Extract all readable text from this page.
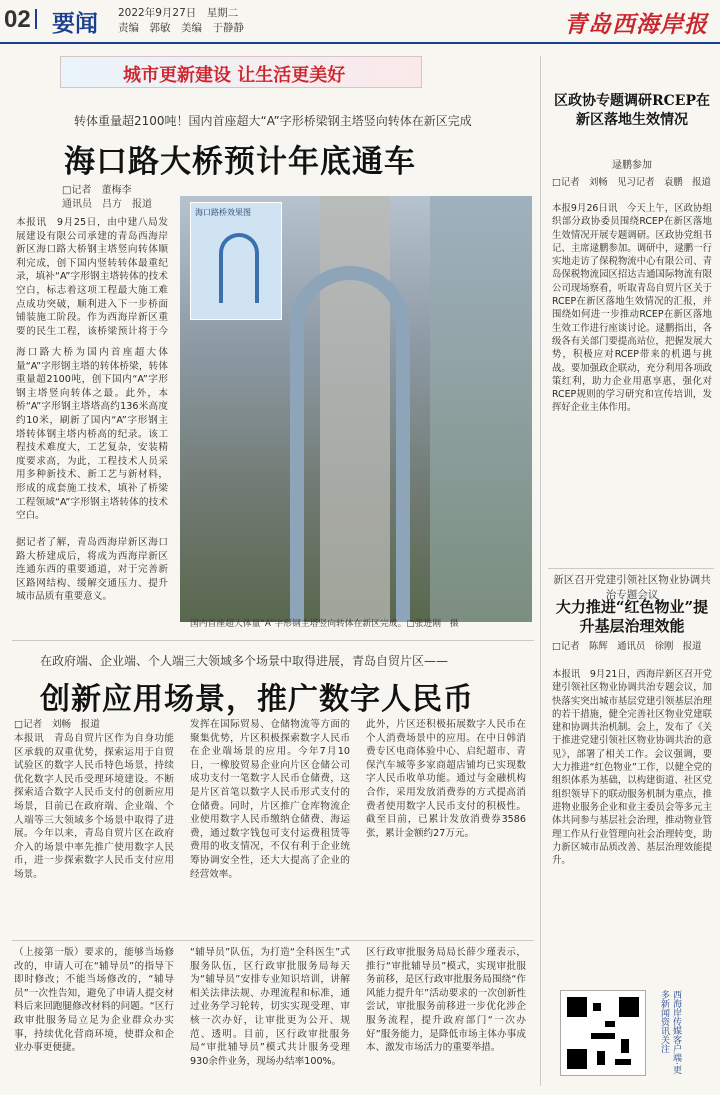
02 要闻 2022年9月27日　星期二
责编　郭敏　美编　于静静	青岛西海岸报
城市更新建设 让生活更美好
转体重量超2100吨！国内首座超大“A”字形桥梁钢主塔竖向转体在新区完成
海口路大桥预计年底通车
□记者　董梅李
通讯员　吕方　报道
本报讯　9月25日，由中建八局发展建设有限公司承建的青岛西海岸新区海口路大桥钢主塔竖向转体顺利完成，创下国内竖转转体最重纪录，填补“A”字形钢主塔转体的技术空白，标志着这项工程最大施工难点成功突破，顺利进入下一步桥面铺装施工阶段。作为西海岸新区重要的民生工程，该桥梁预计将于今
海口路大桥为国内首座超大体量“A”字形钢主塔的转体桥梁，转体重量超2100吨，创下国内“A”字形钢主塔竖向转体之最。此外，本桥“A”字形钢主塔塔高约136米高度约10米，刷新了国内“A”字形钢主塔转体钢主塔内桥高的纪录。该工程技术难度大，工艺复杂，安装精度要求高，为此，工程技术人员采用多种新技术、新工艺与新材料，形成的成套施工技术，填补了桥梁工程领域“A”字形钢主塔转体的技术空白。
据记者了解，青岛西海岸新区海口路大桥建成后，将成为西海岸新区连通东西的重要通道，对于完善新区路网结构、缓解交通压力、提升城市品质有重要意义。
海口路桥效果图
国内首座超大体量“A”字形钢主塔竖向转体在新区完成。□张进刚　摄
区政协专题调研RCEP在新区落地生效情况
逯鹏参加
□记者　刘畅　见习记者　袁鹏　报道
本报9月26日讯　今天上午，区政协组织部分政协委员围绕RCEP在新区落地生效情况开展专题调研。区政协党组书记、主席逯鹏参加。调研中，逯鹏一行实地走访了保税物流中心有限公司、青岛保税物流园区招达吉通国际物流有限公司现场察看，听取青岛自贸片区关于RCEP在新区落地生效情况的汇报，并围绕如何进一步推动RCEP在新区落地生效工作进行座谈讨论。逯鹏指出，各级各有关部门要提高站位，把握发展大势，积极应对RCEP带来的机遇与挑战。要加强政企联动，充分利用各项政策红利，助力企业用惠享惠，强化对RCEP规则的学习研究和宣传培训，发挥好企业主体作用。
新区召开党建引领社区物业协调共治专题会议
大力推进“红色物业”提升基层治理效能
□记者　陈辉　通讯员　徐刚　报道
本报讯　9月21日，西海岸新区召开党建引领社区物业协调共治专题会议，加快落实突出城市基层党建引领基层治理的若干措施，健全完善社区物业党建联建和协调共治机制。会上，发布了《关于推进党建引领社区物业协调共治的意见》，部署了相关工作。会议强调，要大力推进“红色物业”工作，以健全党的组织体系为基础，以构建街道、社区党组织领导下的联动服务机制为重点，推进物业服务企业和业主委员会等多元主体共同参与基层社会治理，推动物业管理工作从行业管理向社会治理转变，助力新区城市品质改善、基层治理效能提升。
西海岸传媒客户端·更多新闻资讯关注
在政府端、企业端、个人端三大领域多个场景中取得进展，青岛自贸片区——
创新应用场景，推广数字人民币
□记者　刘畅　报道
本报讯　青岛自贸片区作为自身功能区承载的双重优势，探索运用于自贸试验区的数字人民币特色场景，持续优化数字人民币受理环境建设。不断探索适合数字人民币支付的创新应用场景，目前已在政府端、企业端、个人端等三大领域多个场景中取得了进展。今年以来，青岛自贸片区在政府介入的场景中率先推广使用数字人民币，进一步探索数字人民币支付应用场景。
发挥在国际贸易、仓储物流等方面的聚集优势，片区积极探索数字人民币在企业端场景的应用。今年7月10日，一橡胶贸易企业向片区仓储公司成功支付一笔数字人民币仓储费，这是片区首笔以数字人民币形式支付的仓储费。同时，片区推广仓库物流企业使用数字人民币缴纳仓储费、海运费，通过数字钱包可支付运费租赁等费用的收支情况，不仅有利于企业统筹协调安全性，还大大提高了企业的经营效率。
此外，片区还积极拓展数字人民币在个人消费场景中的应用。在中日韩消费专区电商体验中心、启纪超市、青保汽车城等多家商超店铺均已实现数字人民币收单功能。通过与金融机构合作，采用发放消费券的方式提高消费者使用数字人民币支付的积极性。截至目前，已累计发放消费券3586张，累计金额约27万元。
（上接第一版）要求的，能够当场修改的，申请人可在“辅导员”的指导下即时修改；不能当场修改的，“辅导员”一次性告知，避免了申请人提交材料后来回跑腿修改材料的问题。“区行政审批服务局立足为企业群众办实事，持续优化营商环境，使群众和企业办事更便捷。
“辅导员”队伍，为打造“全科医生”式服务队伍，区行政审批服务局每天为“辅导员”安排专业知识培训，讲解相关法律法规、办理流程和标准，通过业务学习轮转，切实实现受理、审核一次办好，让审批更为公开、规范、透明。目前，区行政审批服务局“审批辅导员”模式共计服务受理930余件业务，现场办结率100%。
区行政审批服务局局长薛少瑾表示，推行“审批辅导员”模式，实现审批服务前移，是区行政审批服务局围绕“作风能力提升年”活动要求的一次创新性尝试，审批服务前移进一步优化涉企服务流程，提升政府部门“一次办好”服务能力，是降低市场主体办事成本、激发市场活力的重要举措。
